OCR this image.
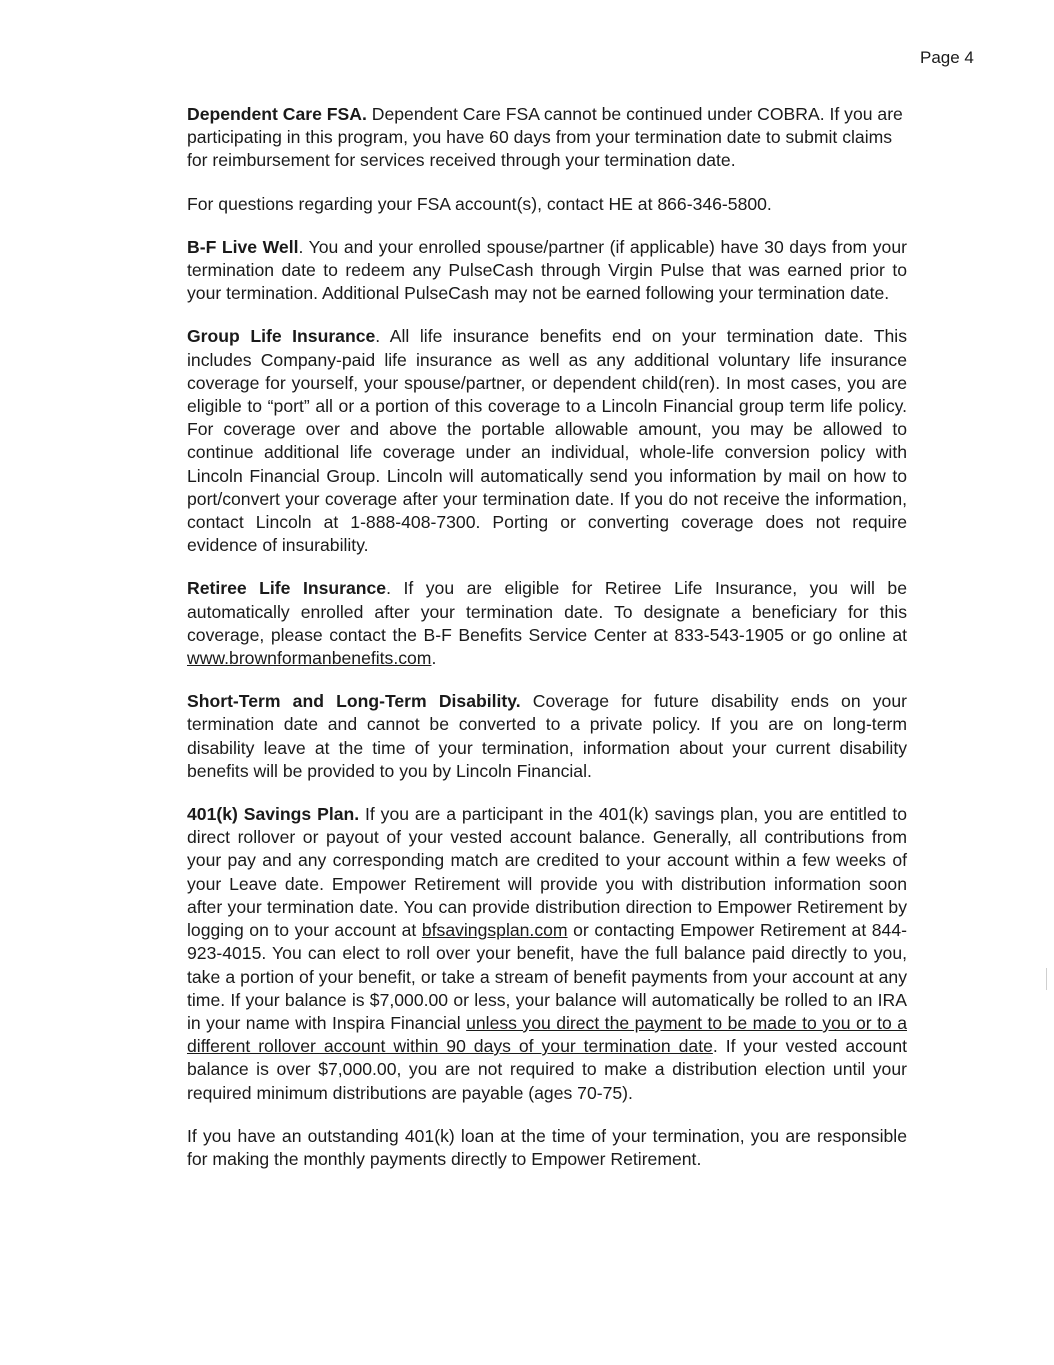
Page 4

Dependent Care FSA. Dependent Care FSA cannot be continued under COBRA. If you are participating in this program, you have 60 days from your termination date to submit claims for reimbursement for services received through your termination date.

For questions regarding your FSA account(s), contact HE at 866-346-5800.

B-F Live Well. You and your enrolled spouse/partner (if applicable) have 30 days from your termination date to redeem any PulseCash through Virgin Pulse that was earned prior to your termination. Additional PulseCash may not be earned following your termination date.

Group Life Insurance. All life insurance benefits end on your termination date. This includes Company-paid life insurance as well as any additional voluntary life insurance coverage for yourself, your spouse/partner, or dependent child(ren). In most cases, you are eligible to “port” all or a portion of this coverage to a Lincoln Financial group term life policy. For coverage over and above the portable allowable amount, you may be allowed to continue additional life coverage under an individual, whole-life conversion policy with Lincoln Financial Group. Lincoln will automatically send you information by mail on how to port/convert your coverage after your termination date. If you do not receive the information, contact Lincoln at 1-888-408-7300. Porting or converting coverage does not require evidence of insurability.

Retiree Life Insurance. If you are eligible for Retiree Life Insurance, you will be automatically enrolled after your termination date. To designate a beneficiary for this coverage, please contact the B-F Benefits Service Center at 833-543-1905 or go online at www.brownformanbenefits.com.

Short-Term and Long-Term Disability. Coverage for future disability ends on your termination date and cannot be converted to a private policy. If you are on long-term disability leave at the time of your termination, information about your current disability benefits will be provided to you by Lincoln Financial.

401(k) Savings Plan. If you are a participant in the 401(k) savings plan, you are entitled to direct rollover or payout of your vested account balance. Generally, all contributions from your pay and any corresponding match are credited to your account within a few weeks of your Leave date. Empower Retirement will provide you with distribution information soon after your termination date. You can provide distribution direction to Empower Retirement by logging on to your account at bfsavingsplan.com or contacting Empower Retirement at 844-923-4015. You can elect to roll over your benefit, have the full balance paid directly to you, take a portion of your benefit, or take a stream of benefit payments from your account at any time. If your balance is $7,000.00 or less, your balance will automatically be rolled to an IRA in your name with Inspira Financial unless you direct the payment to be made to you or to a different rollover account within 90 days of your termination date. If your vested account balance is over $7,000.00, you are not required to make a distribution election until your required minimum distributions are payable (ages 70-75).

If you have an outstanding 401(k) loan at the time of your termination, you are responsible for making the monthly payments directly to Empower Retirement.
